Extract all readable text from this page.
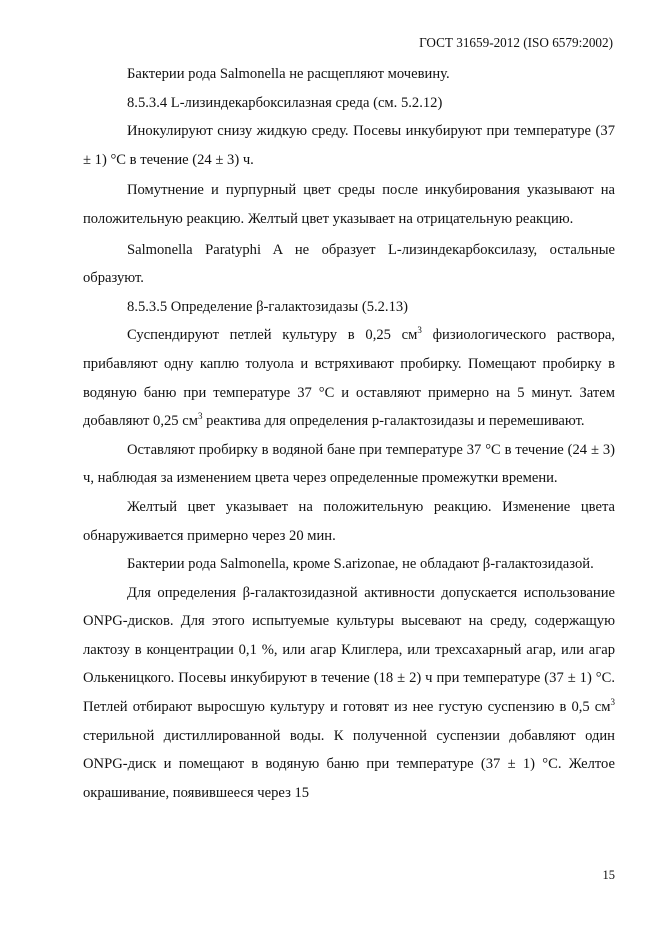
ГОСТ 31659-2012 (ISO 6579:2002)

Бактерии рода Salmonella не расщепляют мочевину.

8.5.3.4 L-лизиндекарбоксилазная среда (см. 5.2.12)

Инокулируют снизу жидкую среду. Посевы инкубируют при температуре (37 ± 1) °С в течение (24 ± 3) ч.

Помутнение и пурпурный цвет среды после инкубирования указывают на положительную реакцию. Желтый цвет указывает на отрицательную реакцию.

Salmonella Paratyphi A не образует L-лизиндекарбоксилазу, остальные образуют.

8.5.3.5 Определение β-галактозидазы (5.2.13)

Суспендируют петлей культуру в 0,25 $см^3$ физиологического раствора, прибавляют одну каплю толуола и встряхивают пробирку. Помещают пробирку в водяную баню при температуре 37 °С и оставляют примерно на 5 минут. Затем добавляют 0,25 $см^3$ реактива для определения р-галактозидазы и перемешивают.

Оставляют пробирку в водяной бане при температуре 37 °С в течение (24 ± 3) ч, наблюдая за изменением цвета через определенные промежутки времени.

Желтый цвет указывает на положительную реакцию. Изменение цвета обнаруживается примерно через 20 мин.

Бактерии рода Salmonella, кроме S.arizonae, не обладают β-галактозидазой.

Для определения β-галактозидазной активности допускается использование ONPG-дисков. Для этого испытуемые культуры высевают на среду, содержащую лактозу в концентрации 0,1 %, или агар Клиглера, или трехсахарный агар, или агар Олькеницкого. Посевы инкубируют в течение (18 ± 2) ч при температуре (37 ± 1) °С. Петлей отбирают выросшую культуру и готовят из нее густую суспензию в 0,5 $см^3$ стерильной дистиллированной воды. К полученной суспензии добавляют один ONPG-диск и помещают в водяную баню при температуре (37 ± 1) °С. Желтое окрашивание, появившееся через 15

15
